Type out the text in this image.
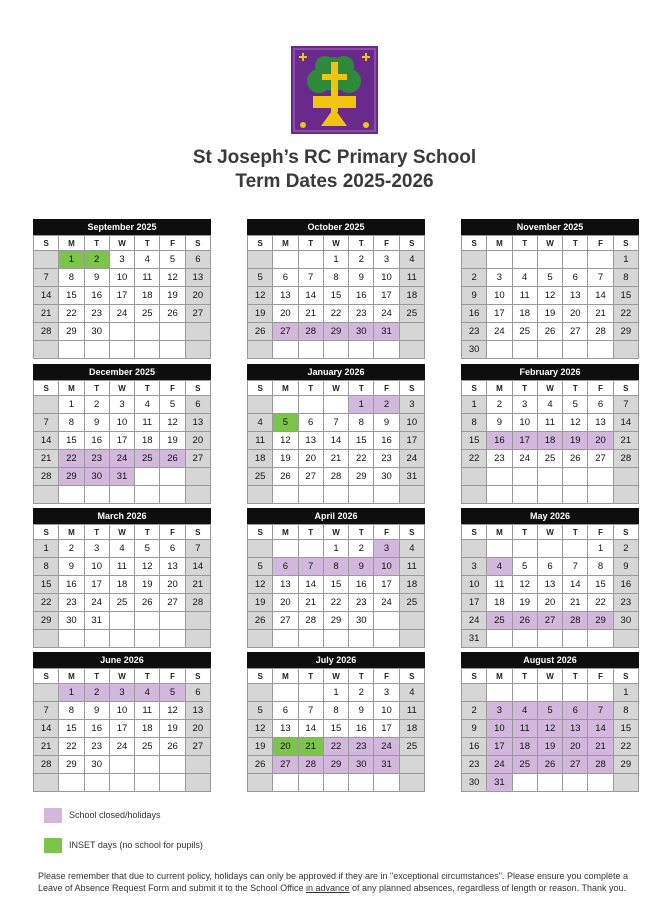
St Joseph’s RC Primary School
Term Dates 2025-2026
September 2025
S	M	T	W	T	F	S
	1	2	3	4	5	6
7	8	9	10	11	12	13
14	15	16	17	18	19	20
21	22	23	24	25	26	27
28	29	30				

October 2025
S	M	T	W	T	F	S
			1	2	3	4
5	6	7	8	9	10	11
12	13	14	15	16	17	18
19	20	21	22	23	24	25
26	27	28	29	30	31	

November 2025
S	M	T	W	T	F	S
						1
2	3	4	5	6	7	8
9	10	11	12	13	14	15
16	17	18	19	20	21	22
23	24	25	26	27	28	29
30						
December 2025
S	M	T	W	T	F	S
	1	2	3	4	5	6
7	8	9	10	11	12	13
14	15	16	17	18	19	20
21	22	23	24	25	26	27
28	29	30	31			

January 2026
S	M	T	W	T	F	S
				1	2	3
4	5	6	7	8	9	10
11	12	13	14	15	16	17
18	19	20	21	22	23	24
25	26	27	28	29	30	31

February 2026
S	M	T	W	T	F	S
1	2	3	4	5	6	7
8	9	10	11	12	13	14
15	16	17	18	19	20	21
22	23	24	25	26	27	28

March 2026
S	M	T	W	T	F	S
1	2	3	4	5	6	7
8	9	10	11	12	13	14
15	16	17	18	19	20	21
22	23	24	25	26	27	28
29	30	31				

April 2026
S	M	T	W	T	F	S
			1	2	3	4
5	6	7	8	9	10	11
12	13	14	15	16	17	18
19	20	21	22	23	24	25
26	27	28	29	30		

May 2026
S	M	T	W	T	F	S
					1	2
3	4	5	6	7	8	9
10	11	12	13	14	15	16
17	18	19	20	21	22	23
24	25	26	27	28	29	30
31						
June 2026
S	M	T	W	T	F	S
	1	2	3	4	5	6
7	8	9	10	11	12	13
14	15	16	17	18	19	20
21	22	23	24	25	26	27
28	29	30				

July 2026
S	M	T	W	T	F	S
			1	2	3	4
5	6	7	8	9	10	11
12	13	14	15	16	17	18
19	20	21	22	23	24	25
26	27	28	29	30	31	

August 2026
S	M	T	W	T	F	S
						1
2	3	4	5	6	7	8
9	10	11	12	13	14	15
16	17	18	19	20	21	22
23	24	25	26	27	28	29
30	31					
School closed/holidays
INSET days (no school for pupils)
Please remember that due to current policy, holidays can only be approved if they are in "exceptional circumstances". Please ensure you complete a Leave of Absence Request Form and submit it to the School Office in advance of any planned absences, regardless of length or reason. Thank you.
